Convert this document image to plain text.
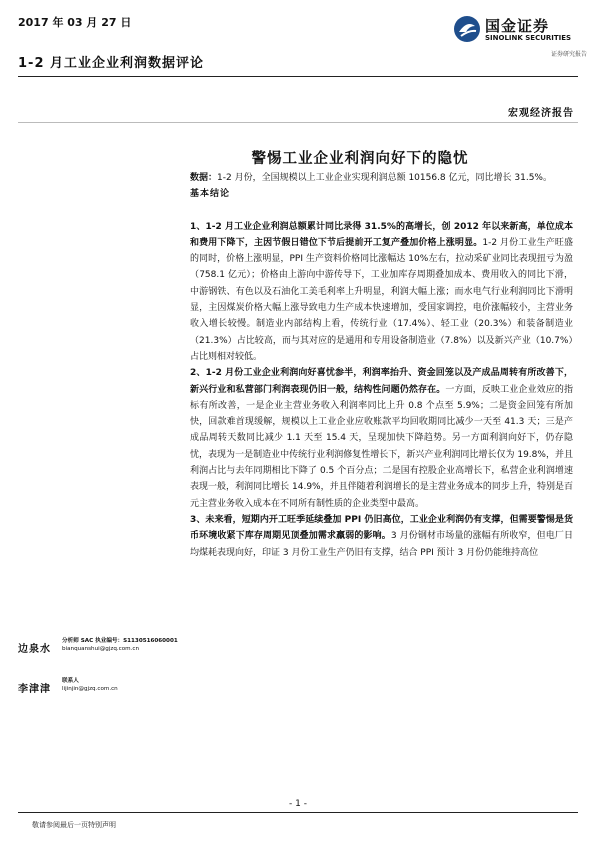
2017 年 03 月 27 日	国金证券
SINOLINK SECURITIES
证券研究报告
1-2 月工业企业利润数据评论
宏观经济报告
警惕工业企业利润向好下的隐忧

数据：1-2 月份，全国规模以上工业企业实现利润总额 10156.8 亿元，同比增长 31.5%。

基本结论

1、1-2 月工业企业利润总额累计同比录得 31.5%的高增长，创 2012 年以来新高，单位成本和费用下降下，主因节假日错位下节后提前开工复产叠加价格上涨明显。1-2 月份工业生产旺盛的同时，价格上涨明显，PPI 生产资料价格同比涨幅达 10%左右，拉动采矿业同比表现扭亏为盈（758.1 亿元）；价格由上游向中游传导下，工业加库存周期叠加成本、费用收入的同比下滑，中游钢铁、有色以及石油化工美毛利率上升明显，利润大幅上涨；而水电气行业利润同比下滑明显，主因煤炭价格大幅上涨导致电力生产成本快速增加，受国家调控，电价涨幅较小，主营业务收入增长较慢。制造业内部结构上看，传统行业（17.4%）、轻工业（20.3%）和装备制造业（21.3%）占比较高，而与其对应的是通用和专用设备制造业（7.8%）以及新兴产业（10.7%）占比则相对较低。

2、1-2 月份工业企业利润向好喜忧参半，利润率抬升、资金回笼以及产成品周转有所改善下，新兴行业和私营部门利润表现仍旧一般，结构性问题仍然存在。一方面，反映工业企业效应的指标有所改善，一是企业主营业务收入利润率同比上升 0.8 个点至 5.9%；二是资金回笼有所加快，回款难首现缓解，规模以上工业企业应收账款平均回收期同比减少一天至 41.3 天；三是产成品周转天数同比减少 1.1 天至 15.4 天，呈现加快下降趋势。另一方面利润向好下，仍存隐忧，表现为一是制造业中传统行业利润修复性增长下，新兴产业利润同比增长仅为 19.8%，并且利润占比与去年同期相比下降了 0.5 个百分点；二是国有控股企业高增长下，私营企业利润增速表现一般，利润同比增长 14.9%，并且伴随着利润增长的是主营业务成本的同步上升，特别是百元主营业务收入成本在不同所有制性质的企业类型中最高。

3、未来看，短期内开工旺季延续叠加 PPI 仍旧高位，工业企业利润仍有支撑，但需要警惕是货币环境收紧下库存周期见顶叠加需求羸弱的影响。3 月份钢材市场量的涨幅有所收窄，但电厂日均煤耗表现向好，印证 3 月份工业生产仍旧有支撑，结合 PPI 预计 3 月份仍能维持高位

边泉水
分析师 SAC 执业编号：S1130516060001
bianquanshui@gjzq.com.cn
李津津
联系人
lijinjin@gjzq.com.cn
- 1 -
敬请参阅最后一页特别声明
